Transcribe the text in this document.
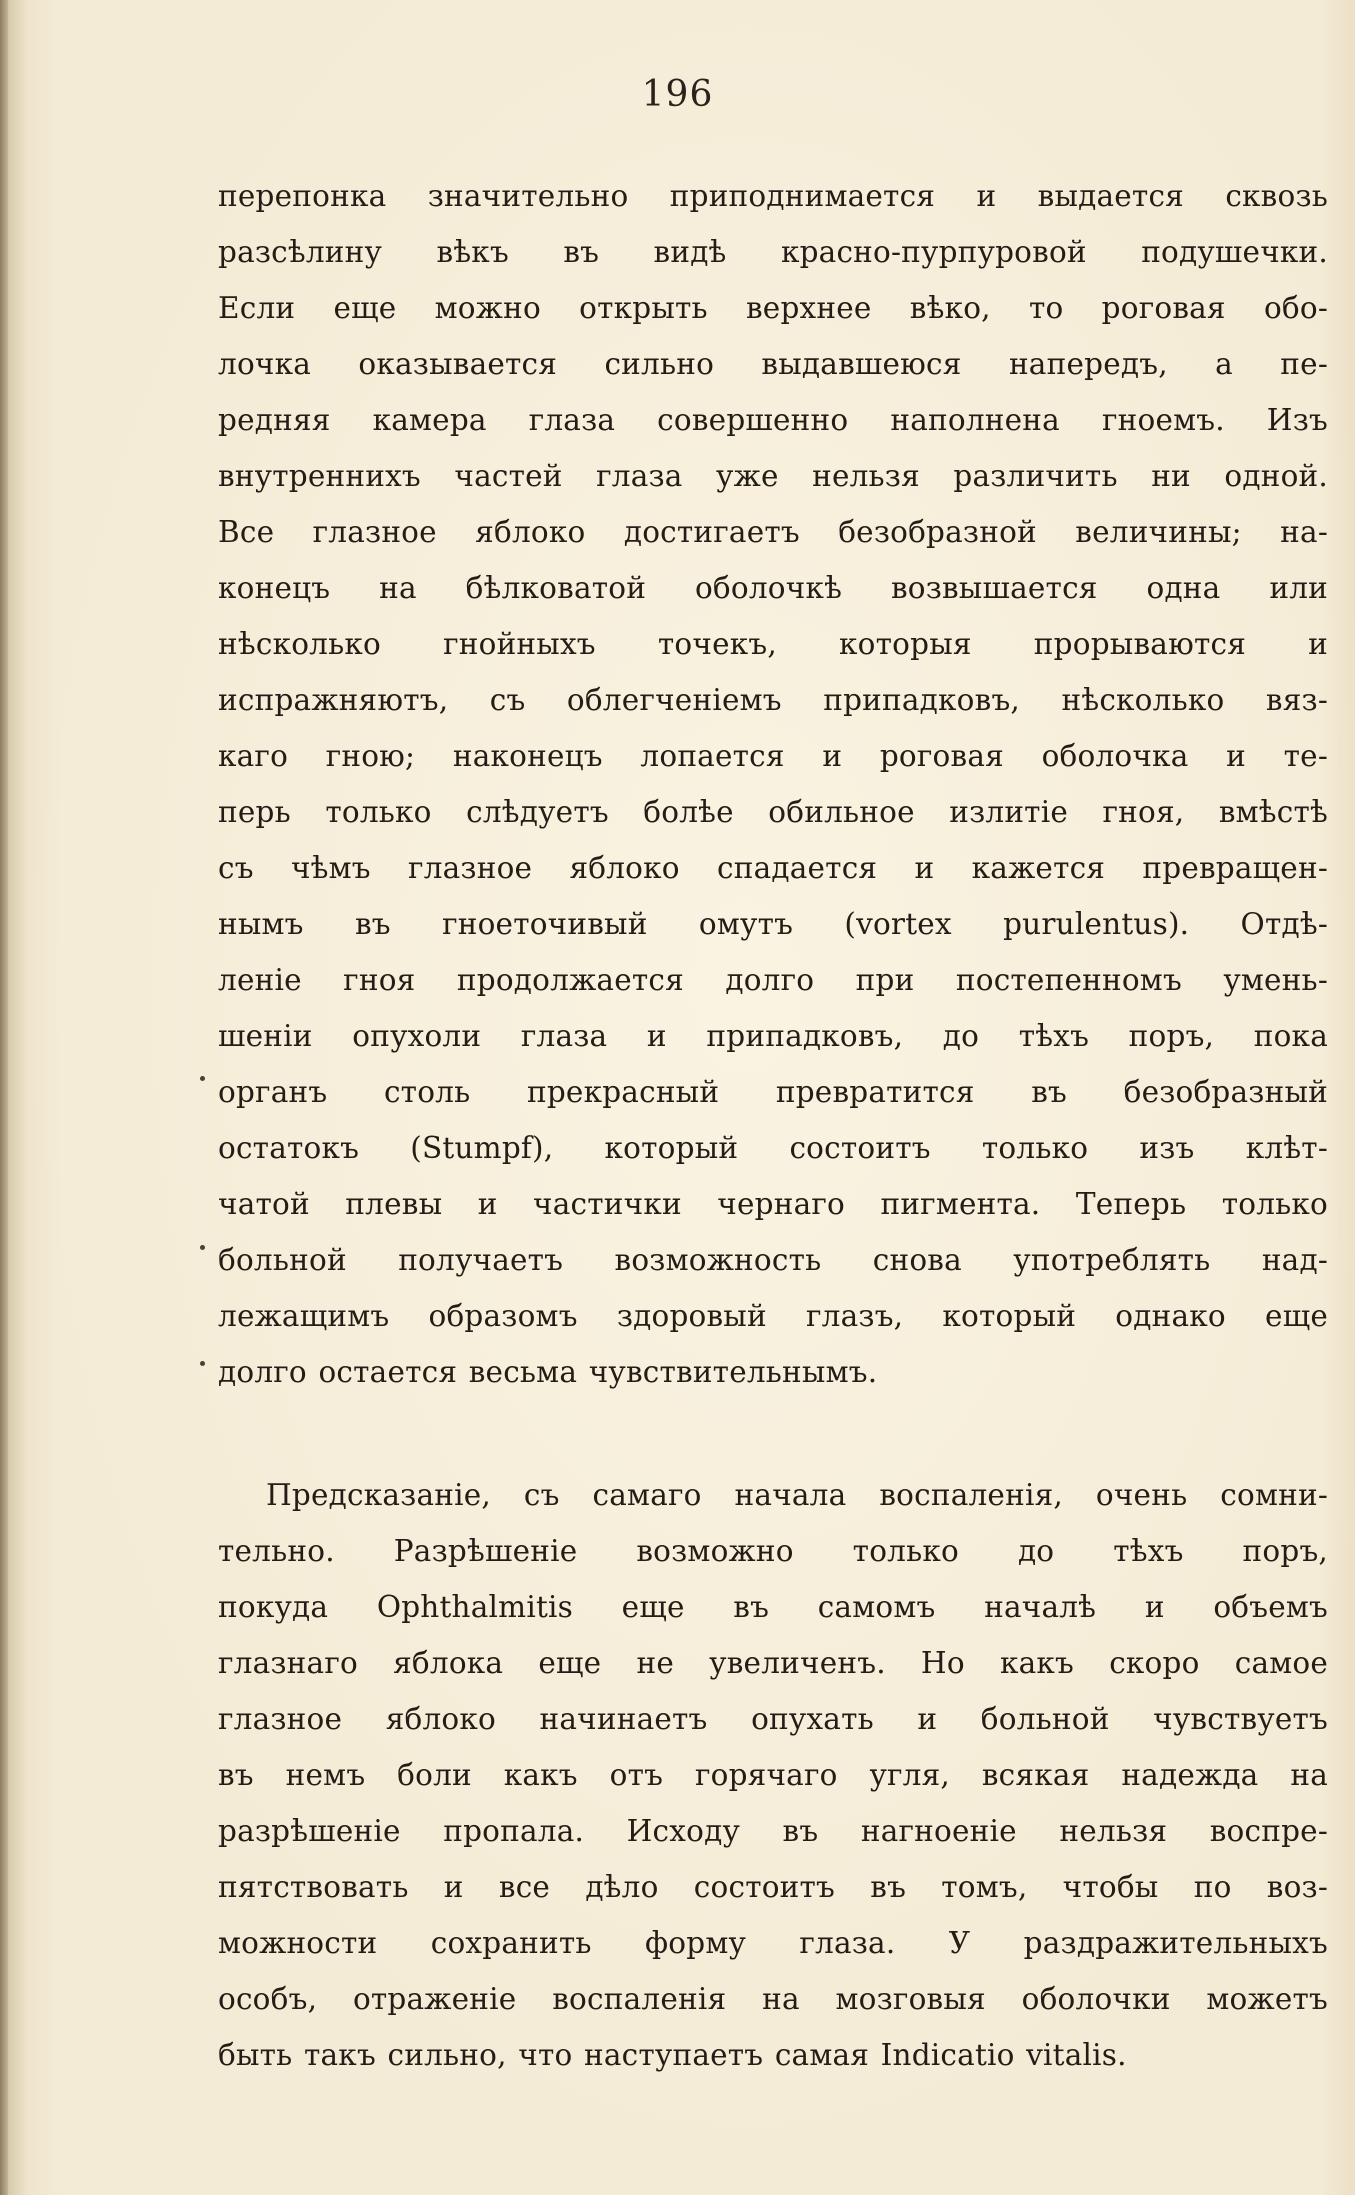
196
перепонка значительно приподнимается и выдается сквозь
разсѣлину вѣкъ въ видѣ красно-пурпуровой подушечки.
Если еще можно открыть верхнее вѣко, то роговая обо-
лочка оказывается сильно выдавшеюся напередъ, а пе-
редняя камера глаза совершенно наполнена гноемъ. Изъ
внутреннихъ частей глаза уже нельзя различить ни одной.
Все глазное яблоко достигаетъ безобразной величины; на-
конецъ на бѣлковатой оболочкѣ возвышается одна или
нѣсколько гнойныхъ точекъ, которыя прорываются и
испражняютъ, съ облегченіемъ припадковъ, нѣсколько вяз-
каго гною; наконецъ лопается и роговая оболочка и те-
перь только слѣдуетъ болѣе обильное излитіе гноя, вмѣстѣ
съ чѣмъ глазное яблоко спадается и кажется превращен-
нымъ въ гноеточивый омутъ (vortex purulentus). Отдѣ-
леніе гноя продолжается долго при постепенномъ умень-
шеніи опухоли глаза и припадковъ, до тѣхъ поръ, пока
органъ столь прекрасный превратится въ безобразный
остатокъ (Stumpf), который состоитъ только изъ клѣт-
чатой плевы и частички чернаго пигмента. Теперь только
больной получаетъ возможность снова употреблять над-
лежащимъ образомъ здоровый глазъ, который однако еще
долго остается весьма чувствительнымъ.
Предсказаніе, съ самаго начала воспаленія, очень сомни-
тельно. Разрѣшеніе возможно только до тѣхъ поръ,
покуда Ophthalmitis еще въ самомъ началѣ и объемъ
глазнаго яблока еще не увеличенъ. Но какъ скоро самое
глазное яблоко начинаетъ опухать и больной чувствуетъ
въ немъ боли какъ отъ горячаго угля, всякая надежда на
разрѣшеніе пропала. Исходу въ нагноеніе нельзя воспре-
пятствовать и все дѣло состоитъ въ томъ, чтобы по воз-
можности сохранить форму глаза. У раздражительныхъ
особъ, отраженіе воспаленія на мозговыя оболочки можетъ
быть такъ сильно, что наступаетъ самая Indicatio vitalis.
